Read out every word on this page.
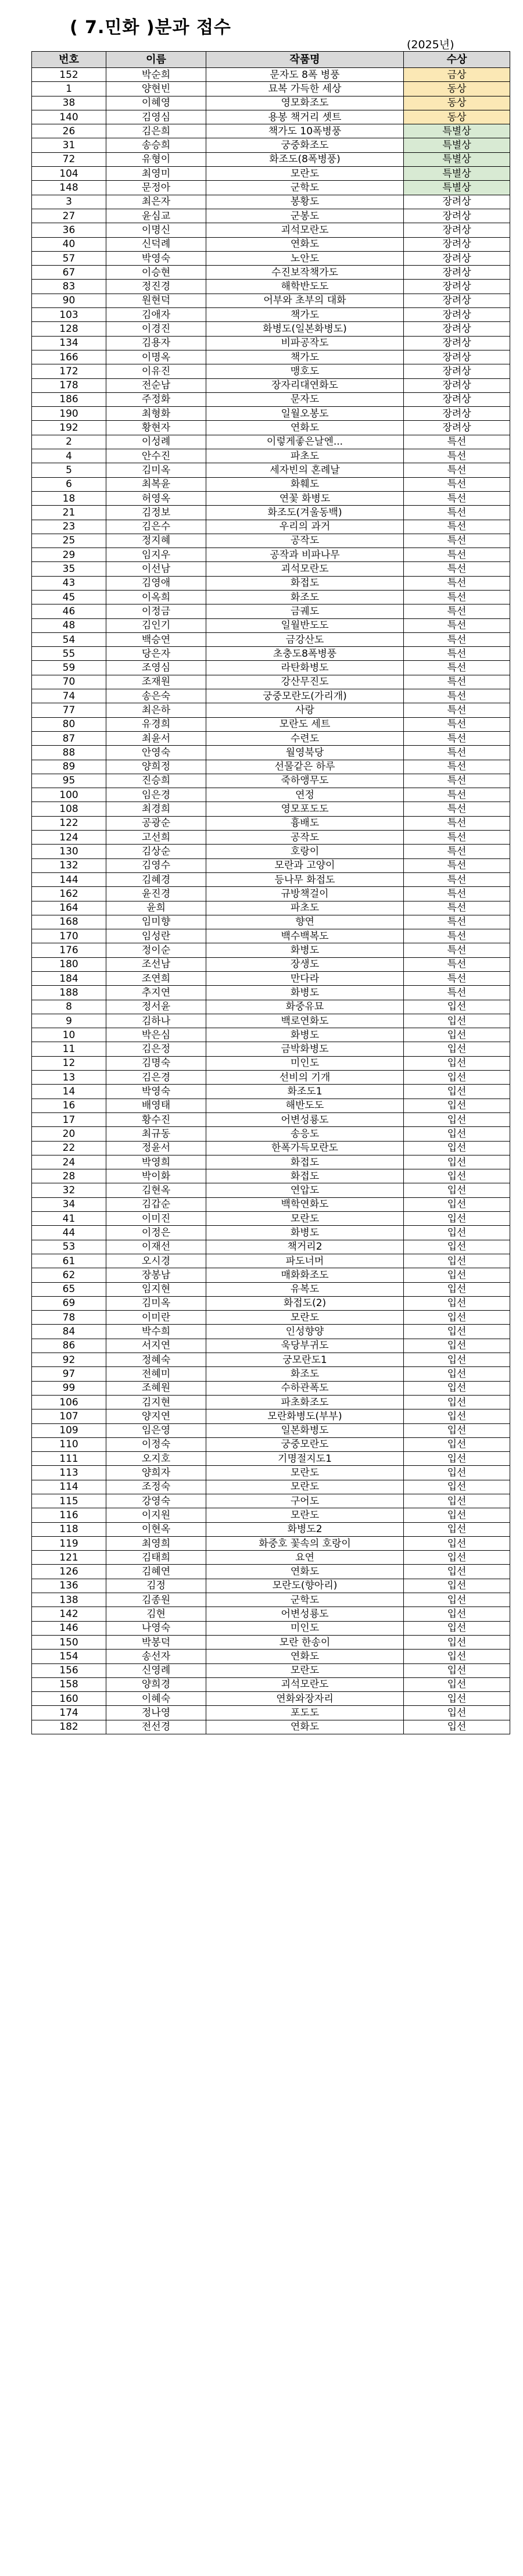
( 7.민화 )분과 접수
(2025년)
번호	이름	작품명	수상
152	박순희	문자도 8폭 병풍	금상
1	양현빈	묘복 가득한 세상	동상
38	이혜영	영모화조도	동상
140	김영심	용봉 책거리 셋트	동상
26	김은희	책가도 10폭병풍	특별상
31	송승희	궁중화조도	특별상
72	유형이	화조도(8폭병풍)	특별상
104	최영미	모란도	특별상
148	문정아	군학도	특별상
3	최은자	봉황도	장려상
27	윤심교	군봉도	장려상
36	이명신	괴석모란도	장려상
40	신덕례	연화도	장려상
57	박영숙	노안도	장려상
67	이승현	수진보작책가도	장려상
83	정진경	해학반도도	장려상
90	원현덕	어부와 초부의 대화	장려상
103	김애자	책가도	장려상
128	이경진	화병도(일본화병도)	장려상
134	김용자	비파공작도	장려상
166	이명옥	책가도	장려상
172	이유진	맹호도	장려상
178	전순남	장자리대연화도	장려상
186	주정화	문자도	장려상
190	최형화	일월오봉도	장려상
192	황현자	연화도	장려상
2	이성례	이렇게좋은날엔...	특선
4	안수진	파초도	특선
5	김미옥	세자빈의 혼례날	특선
6	최복윤	화훼도	특선
18	허영옥	연꽃 화병도	특선
21	김정보	화조도(겨울동백)	특선
23	김은수	우리의 과거	특선
25	정지혜	공작도	특선
29	임지우	공작과 비파나무	특선
35	이선남	괴석모란도	특선
43	김영애	화접도	특선
45	이옥희	화조도	특선
46	이정금	금궤도	특선
48	김인기	일월반도도	특선
54	백승연	금강산도	특선
55	당은자	초충도8폭병풍	특선
59	조영심	라탄화병도	특선
70	조재원	강산무진도	특선
74	송은숙	궁중모란도(가리개)	특선
77	최은하	사랑	특선
80	유경희	모란도 세트	특선
87	최윤서	수련도	특선
88	안영숙	월영북당	특선
89	양희정	선물같은 하루	특선
95	진승희	죽하앵무도	특선
100	임은경	연정	특선
108	최경희	영모포도도	특선
122	공광순	흉배도	특선
124	고선희	공작도	특선
130	김상순	호랑이	특선
132	김영수	모란과 고양이	특선
144	김혜경	등나무 화접도	특선
162	윤진경	규방책걸이	특선
164	윤희	파초도	특선
168	임미향	향연	특선
170	임성란	백수백복도	특선
176	정이순	화병도	특선
180	조선남	장생도	특선
184	조연희	만다라	특선
188	추지연	화병도	특선
8	정서윤	화중유묘	입선
9	김하나	백로연화도	입선
10	박은심	화병도	입선
11	김은정	금박화병도	입선
12	김명숙	미인도	입선
13	김은경	선비의 기개	입선
14	박영숙	화조도1	입선
16	배영태	해반도도	입선
17	황수진	어변성룡도	입선
20	최규동	송응도	입선
22	정윤서	한폭가득모란도	입선
24	박영희	화접도	입선
28	박이화	화접도	입선
32	김현옥	연압도	입선
34	김갑순	백학연화도	입선
41	이미진	모란도	입선
44	이정은	화병도	입선
53	이재선	책거리2	입선
61	오시경	파도너머	입선
62	장봉남	매화화조도	입선
65	임지현	유복도	입선
69	김미옥	화접도(2)	입선
78	이미란	모란도	입선
84	박수희	인성향양	입선
86	서지연	욱당부귀도	입선
92	정혜숙	궁모란도1	입선
97	전혜미	화조도	입선
99	조혜원	수하관폭도	입선
106	김지현	파초화조도	입선
107	양지연	모란화병도(부부)	입선
109	임은영	일본화병도	입선
110	이정숙	궁중모란도	입선
111	오지호	기명절지도1	입선
113	양희자	모란도	입선
114	조정숙	모란도	입선
115	강영숙	구어도	입선
116	이지원	모란도	입선
118	이현옥	화병도2	입선
119	최영희	화중호 꽃속의 호랑이	입선
121	김태희	요연	입선
126	김혜연	연화도	입선
136	김정	모란도(향아리)	입선
138	김종원	군학도	입선
142	김현	어변성룡도	입선
146	나영숙	미인도	입선
150	박봉덕	모란 한송이	입선
154	송선자	연화도	입선
156	신영례	모란도	입선
158	양희경	괴석모란도	입선
160	이혜숙	연화와장자리	입선
174	정나영	포도도	입선
182	전선경	연화도	입선
